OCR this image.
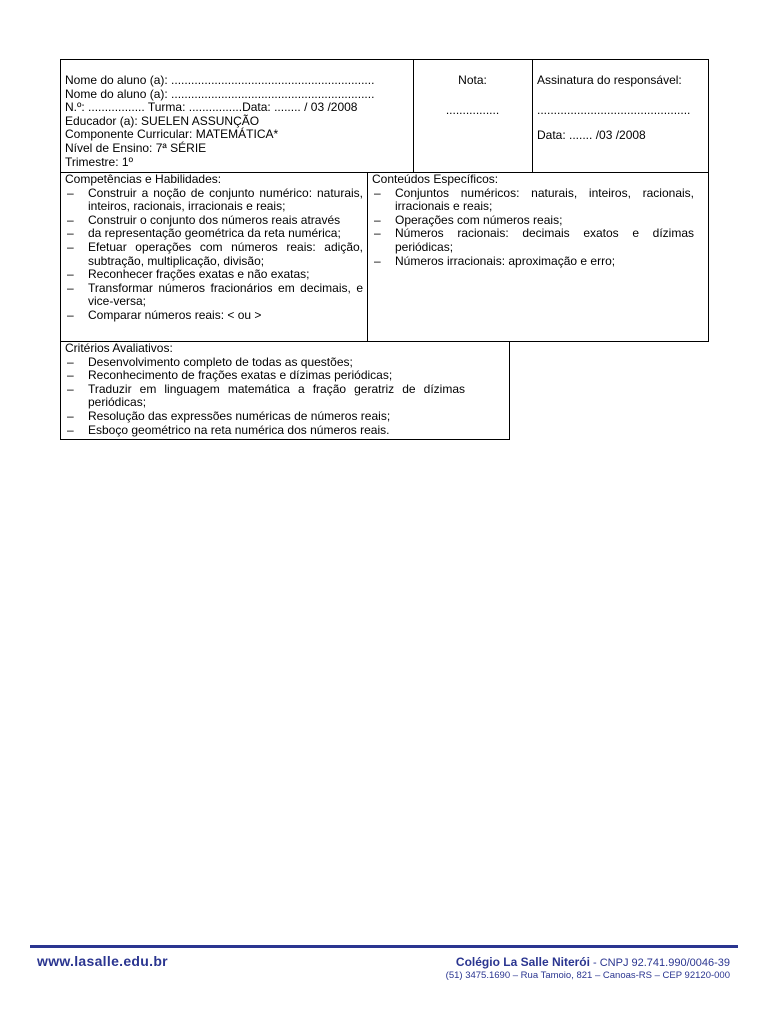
Nome do aluno (a): .............................................................
Nome do aluno (a): .............................................................
N.º: ................. Turma: ................Data: ........ / 03 /2008
Educador (a): SUELEN ASSUNÇÃO
Componente Curricular: MATEMÁTICA*
Nível de Ensino: 7ª SÉRIE
Trimestre: 1º
Nota:
................
Assinatura do responsável:
..............................................
Data: ....... /03 /2008
Competências e Habilidades:
– Construir a noção de conjunto numérico: naturais, inteiros, racionais, irracionais e reais;
– Construir o conjunto dos números reais através
– da representação geométrica da reta numérica;
– Efetuar operações com números reais: adição, subtração, multiplicação, divisão;
– Reconhecer frações exatas e não exatas;
– Transformar números fracionários em decimais, e vice-versa;
– Comparar números reais: < ou >
Conteúdos Específicos:
– Conjuntos numéricos: naturais, inteiros, racionais, irracionais e reais;
– Operações com números reais;
– Números racionais: decimais exatos e dízimas periódicas;
– Números irracionais: aproximação e erro;
Critérios Avaliativos:
– Desenvolvimento completo de todas as questões;
– Reconhecimento de frações exatas e dízimas periódicas;
– Traduzir em linguagem matemática a fração geratriz de dízimas periódicas;
– Resolução das expressões numéricas de números reais;
– Esboço geométrico na reta numérica dos números reais.
www.lasalle.edu.br	Colégio La Salle Niterói - CNPJ 92.741.990/0046-39
(51) 3475.1690 – Rua Tamoio, 821 – Canoas-RS – CEP 92120-000
